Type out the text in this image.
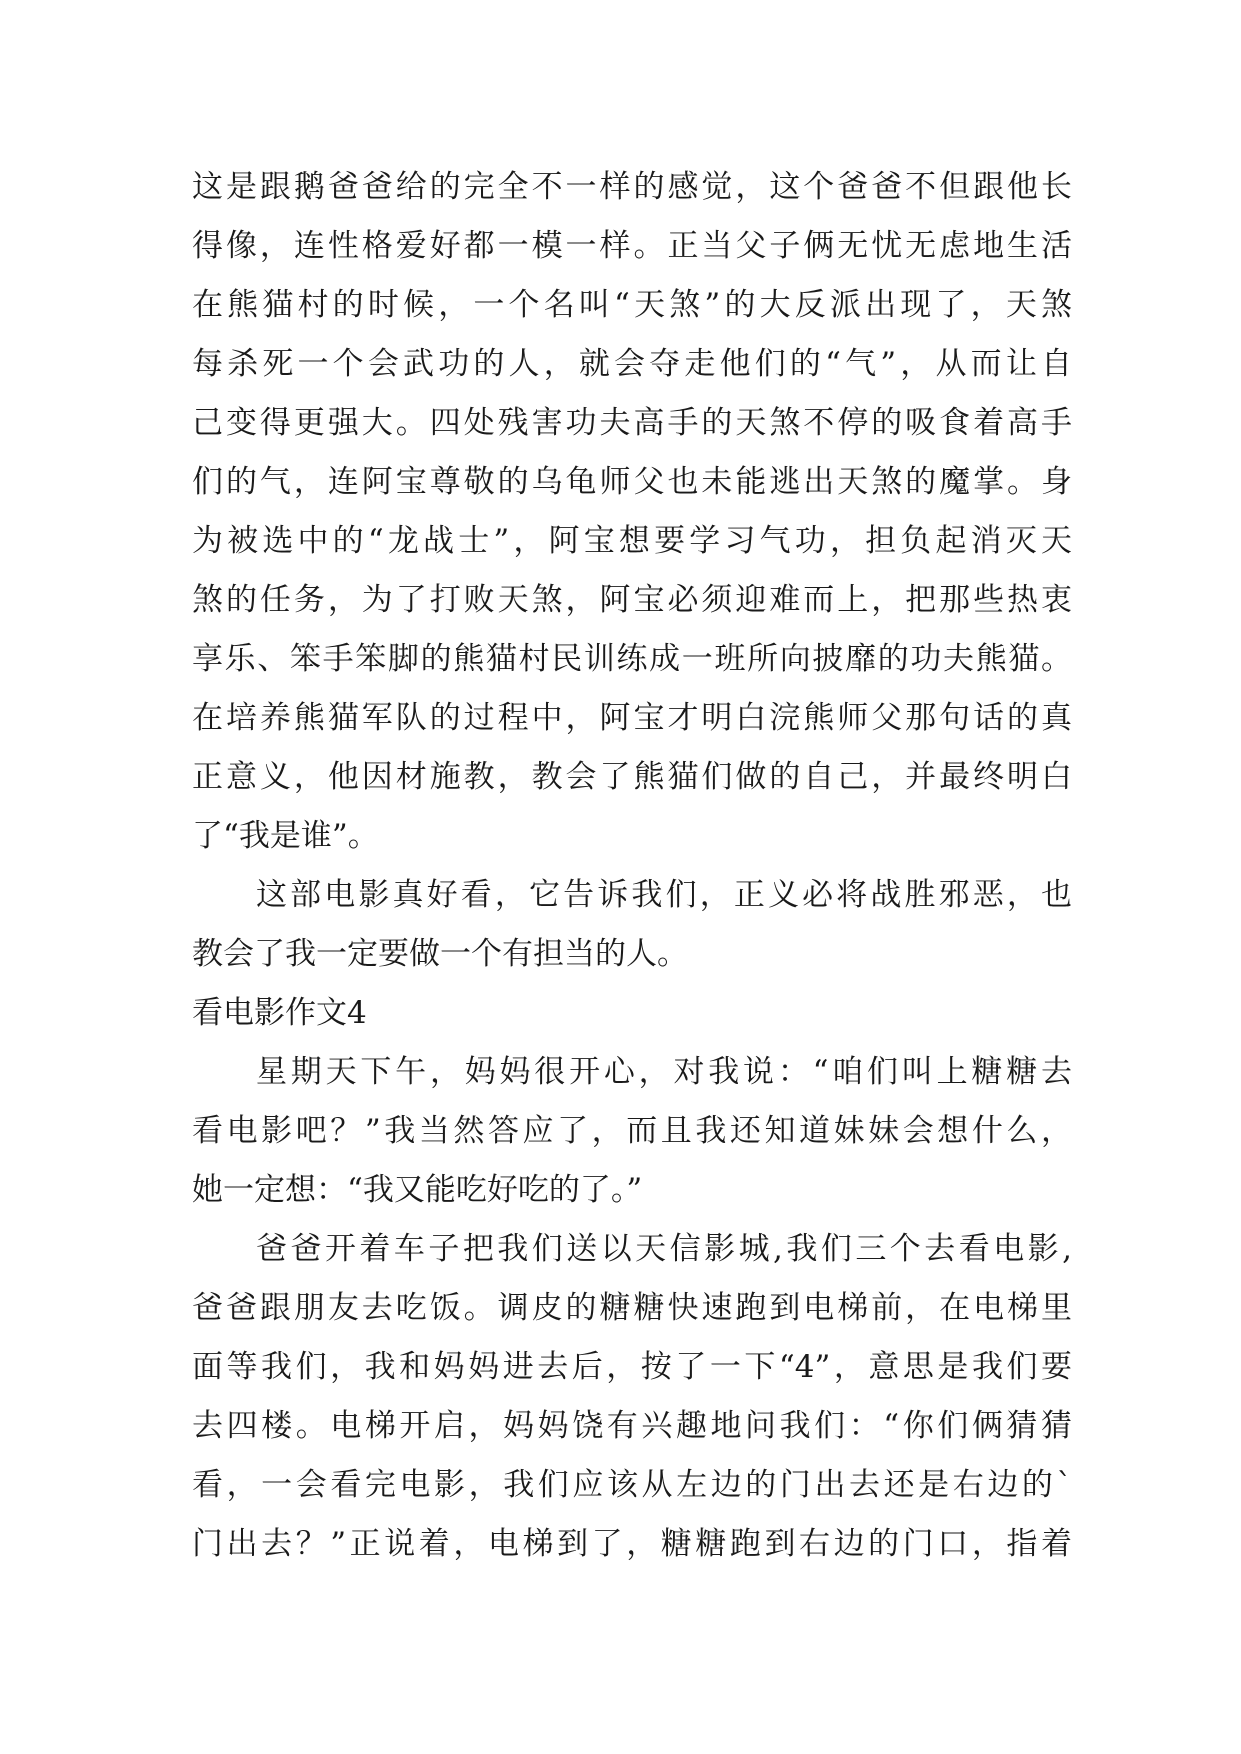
这是跟鹅爸爸给的完全不一样的感觉，这个爸爸不但跟他长
得像，连性格爱好都一模一样。正当父子俩无忧无虑地生活
在熊猫村的时候，一个名叫“天煞”的大反派出现了，天煞
每杀死一个会武功的人，就会夺走他们的“气”，从而让自
己变得更强大。四处残害功夫高手的天煞不停的吸食着高手
们的气，连阿宝尊敬的乌龟师父也未能逃出天煞的魔掌。身
为被选中的“龙战士”，阿宝想要学习气功，担负起消灭天
煞的任务，为了打败天煞，阿宝必须迎难而上，把那些热衷
享乐、笨手笨脚的熊猫村民训练成一班所向披靡的功夫熊猫。
在培养熊猫军队的过程中，阿宝才明白浣熊师父那句话的真
正意义，他因材施教，教会了熊猫们做的自己，并最终明白
了“我是谁”。
这部电影真好看，它告诉我们，正义必将战胜邪恶，也
教会了我一定要做一个有担当的人。
看电影作文4
星期天下午，妈妈很开心，对我说：“咱们叫上糖糖去
看电影吧？”我当然答应了，而且我还知道妹妹会想什么，
她一定想：“我又能吃好吃的了。”
爸爸开着车子把我们送以天信影城,我们三个去看电影,
爸爸跟朋友去吃饭。调皮的糖糖快速跑到电梯前，在电梯里
面等我们，我和妈妈进去后，按了一下“4”，意思是我们要
去四楼。电梯开启，妈妈饶有兴趣地问我们：“你们俩猜猜
看，一会看完电影，我们应该从左边的门出去还是右边的`
门出去？”正说着，电梯到了，糖糖跑到右边的门口，指着
